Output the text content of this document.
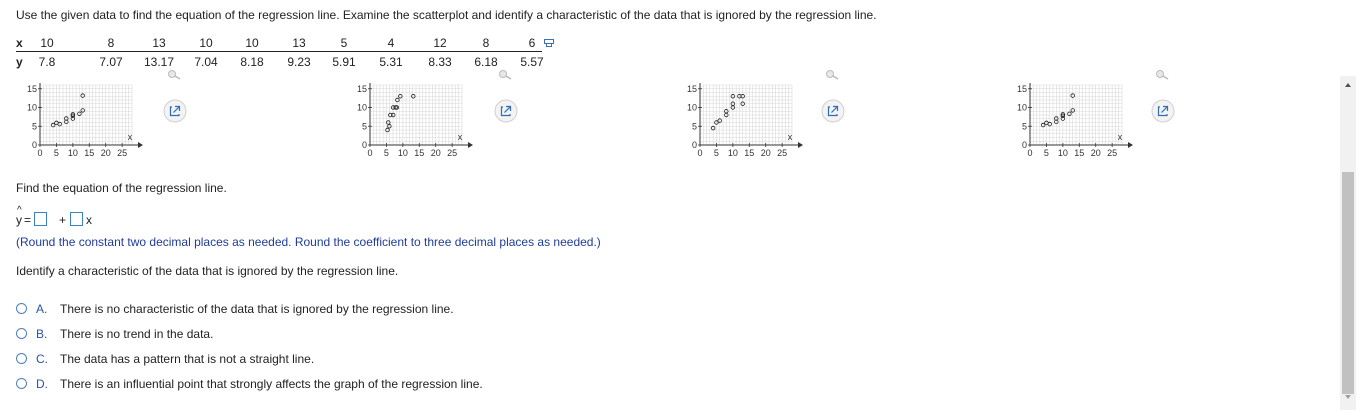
Use the given data to find the equation of the regression line. Examine the scatterplot and identify a characteristic of the data that is ignored by the regression line.
x	10	8	13	10	10	13	5	4	12	8	6
y	7.8	7.07	13.17	7.04	8.18	9.23	5.91	5.31	8.33	6.18	5.57
15
10
5
0
0 5 10 15 20 25
x
15
10
5
0
0 5 10 15 20 25
x
15
10
5
0
0 5 10 15 20 25
x
15
10
5
0
0 5 10 15 20 25
x
Find the equation of the regression line.
y
^
= + x
(Round the constant two decimal places as needed. Round the coefficient to three decimal places as needed.)
Identify a characteristic of the data that is ignored by the regression line.
A. There is no characteristic of the data that is ignored by the regression line.
B. There is no trend in the data.
C. The data has a pattern that is not a straight line.
D. There is an influential point that strongly affects the graph of the regression line.
